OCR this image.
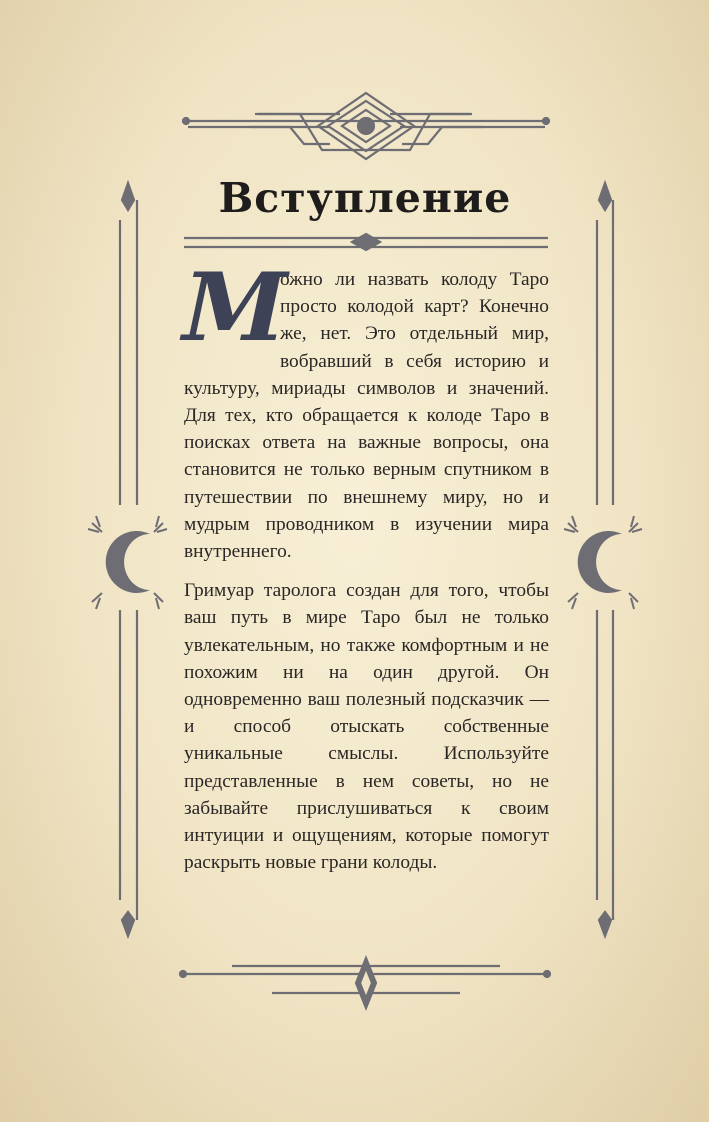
Вступление

М
ожно ли назвать колоду Таро просто колодой карт? Конечно же, нет. Это отдельный мир, вобравший в себя историю и культуру, мириады символов и значений. Для тех, кто обращается к колоде Таро в поисках ответа на важные вопросы, она становится не только верным спутником в путешествии по внешнему миру, но и мудрым проводником в изучении мира внутреннего.

Гримуар таролога создан для того, чтобы ваш путь в мире Таро был не только увлекательным, но также комфортным и не похожим ни на один другой. Он одновременно ваш полезный подсказчик — и способ отыскать собственные уникальные смыслы. Используйте представленные в нем советы, но не забывайте прислушиваться к своим интуиции и ощущениям, которые помогут раскрыть новые грани колоды.
